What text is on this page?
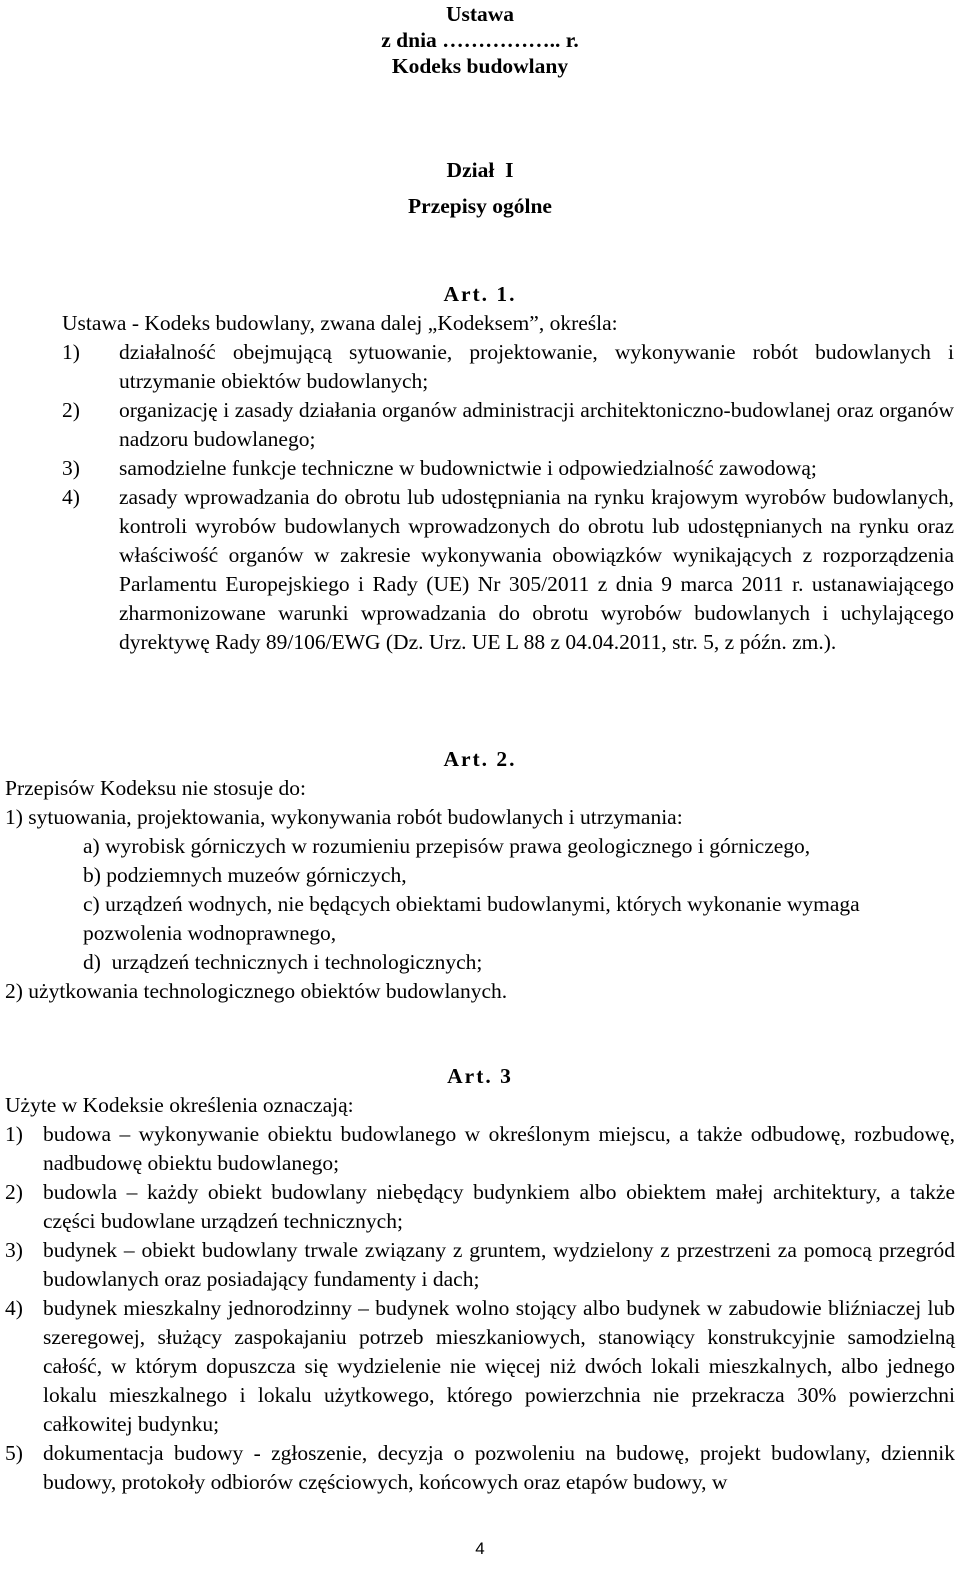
Ustawa
z dnia …………….. r.
Kodeks budowlany
Dział  I
Przepisy ogólne
Art. 1.

Ustawa - Kodeks budowlany, zwana dalej „Kodeksem”, określa:

1)	działalność obejmującą sytuowanie, projektowanie, wykonywanie robót budowlanych i utrzymanie obiektów budowlanych;
2)	organizację i zasady działania organów administracji architektoniczno-budowlanej oraz organów nadzoru budowlanego;
3)	samodzielne funkcje techniczne w budownictwie i odpowiedzialność zawodową;
4)	zasady wprowadzania do obrotu lub udostępniania na rynku krajowym wyrobów budowlanych, kontroli wyrobów budowlanych wprowadzonych do obrotu lub udostępnianych na rynku oraz właściwość organów w zakresie wykonywania obowiązków wynikających z rozporządzenia Parlamentu Europejskiego i Rady (UE) Nr 305/2011 z dnia 9 marca 2011 r. ustanawiającego zharmonizowane warunki wprowadzania do obrotu wyrobów budowlanych i uchylającego dyrektywę Rady 89/106/EWG (Dz. Urz. UE L 88 z 04.04.2011, str. 5, z późn. zm.).
Art. 2.

Przepisów Kodeksu nie stosuje do:

1) sytuowania, projektowania, wykonywania robót budowlanych i utrzymania:

a) wyrobisk górniczych w rozumieniu przepisów prawa geologicznego i górniczego,

b) podziemnych muzeów górniczych,

c) urządzeń wodnych, nie będących obiektami budowlanymi, których wykonanie wymaga pozwolenia wodnoprawnego,

d)  urządzeń technicznych i technologicznych;

2) użytkowania technologicznego obiektów budowlanych.

Art. 3

Użyte w Kodeksie określenia oznaczają:

1) budowa – wykonywanie obiektu budowlanego w określonym miejscu, a także odbudowę, rozbudowę, nadbudowę obiektu budowlanego;
2) budowla – każdy obiekt budowlany niebędący budynkiem albo obiektem małej architektury, a także części budowlane urządzeń technicznych;
3) budynek – obiekt budowlany trwale związany z gruntem, wydzielony z przestrzeni za pomocą przegród budowlanych oraz posiadający fundamenty i dach;
4) budynek mieszkalny jednorodzinny – budynek wolno stojący albo budynek w zabudowie bliźniaczej lub szeregowej, służący zaspokajaniu potrzeb mieszkaniowych, stanowiący konstrukcyjnie samodzielną całość, w którym dopuszcza się wydzielenie nie więcej niż dwóch lokali mieszkalnych, albo jednego lokalu mieszkalnego i lokalu użytkowego, którego powierzchnia nie przekracza 30% powierzchni całkowitej budynku;
5) dokumentacja budowy - zgłoszenie, decyzja o pozwoleniu na budowę, projekt budowlany, dziennik budowy, protokoły odbiorów częściowych, końcowych oraz etapów budowy, w
4
